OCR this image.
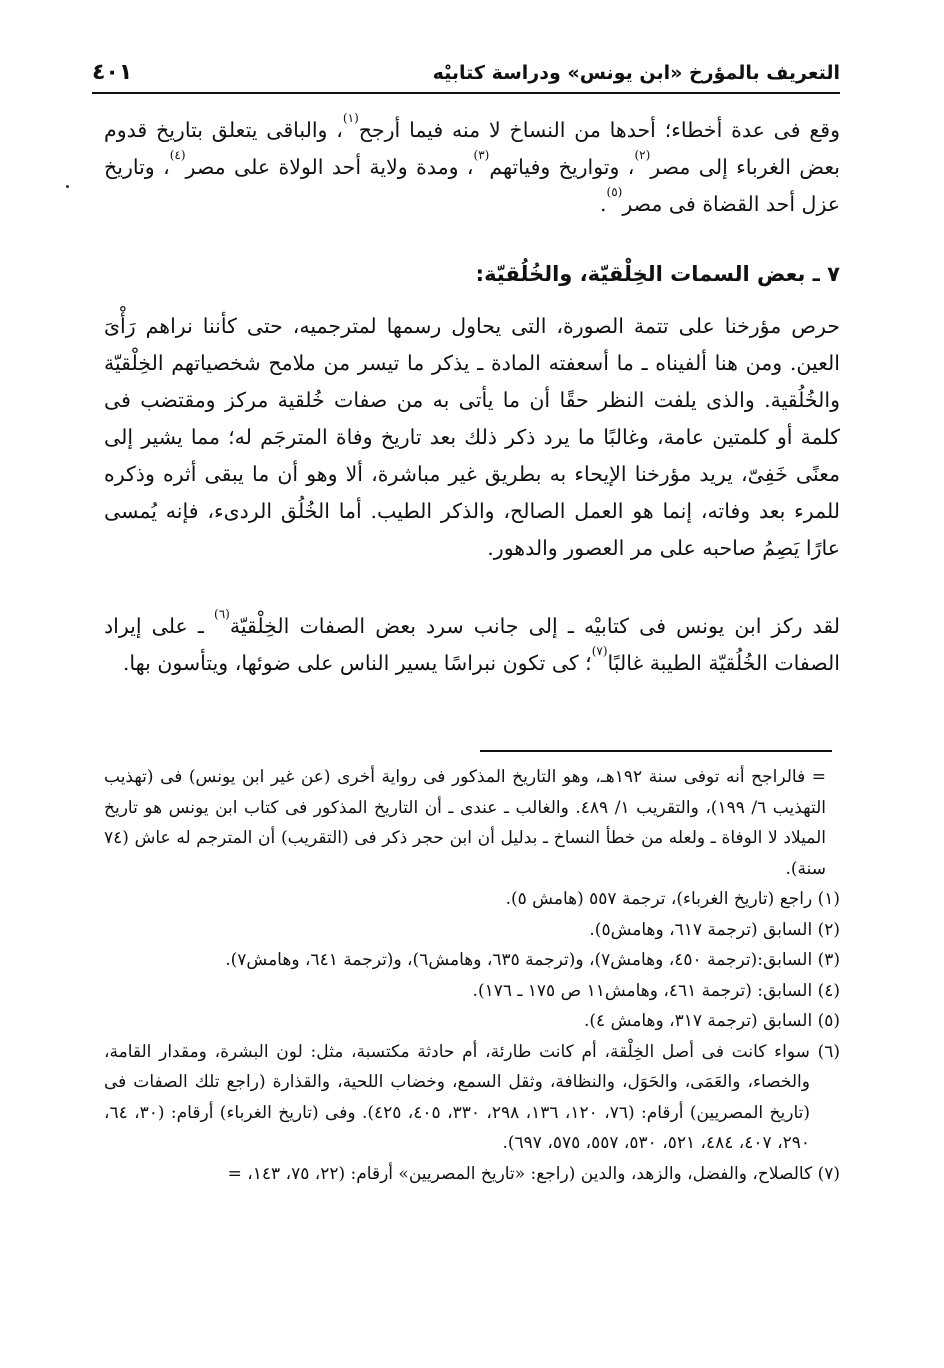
التعريف بالمؤرخ «ابن يونس» ودراسة كتابيْه
٤٠١

وقع فى عدة أخطاء؛ أحدها من النساخ لا منه فيما أرجح$^{(١)}$، والباقى يتعلق بتاريخ قدوم بعض الغرباء إلى مصر$^{(٢)}$، وتواريخ وفياتهم$^{(٣)}$، ومدة ولاية أحد الولاة على مصر$^{(٤)}$، وتاريخ عزل أحد القضاة فى مصر$^{(٥)}$.

٧ ـ بعض السمات الخِلْقيّة، والخُلُقيّة:

حرص مؤرخنا على تتمة الصورة، التى يحاول رسمها لمترجميه، حتى كأننا نراهم رَأْىَ العين. ومن هنا ألفيناه ـ ما أسعفته المادة ـ يذكر ما تيسر من ملامح شخصياتهم الخِلْقيّة والخُلُقية. والذى يلفت النظر حقًا أن ما يأتى به من صفات خُلقية مركز ومقتضب فى كلمة أو كلمتين عامة، وغالبًا ما يرد ذكر ذلك بعد تاريخ وفاة المترجَم له؛ مما يشير إلى معنًى خَفِىّ، يريد مؤرخنا الإيحاء به بطريق غير مباشرة، ألا وهو أن ما يبقى أثره وذكره للمرء بعد وفاته، إنما هو العمل الصالح، والذكر الطيب. أما الخُلُق الردىء، فإنه يُمسى عارًا يَصِمُ صاحبه على مر العصور والدهور.

لقد ركز ابن يونس فى كتابيْه ـ إلى جانب سرد بعض الصفات الخِلْقيّة$^{(٦)}$ ـ على إيراد الصفات الخُلُقيّة الطيبة غالبًا$^{(٧)}$؛ كى تكون نبراسًا يسير الناس على ضوئها، ويتأسون بها.

= فالراجح أنه توفى سنة ١٩٢هـ، وهو التاريخ المذكور فى رواية أخرى (عن غير ابن يونس) فى (تهذيب التهذيب ٦/ ١٩٩)، والتقريب ١/ ٤٨٩. والغالب ـ عندى ـ أن التاريخ المذكور فى كتاب ابن يونس هو تاريخ الميلاد لا الوفاة ـ ولعله من خطأ النساخ ـ بدليل أن ابن حجر ذكر فى (التقريب) أن المترجم له عاش (٧٤ سنة).

(١) راجع (تاريخ الغرباء)، ترجمة ٥٥٧ (هامش ٥).

(٢) السابق (ترجمة ٦١٧، وهامش٥).

(٣) السابق:(ترجمة ٤٥٠، وهامش٧)، و(ترجمة ٦٣٥، وهامش٦)، و(ترجمة ٦٤١، وهامش٧).

(٤) السابق: (ترجمة ٤٦١، وهامش١١ ص ١٧٥ ـ ١٧٦).

(٥) السابق (ترجمة ٣١٧، وهامش ٤).

(٦) سواء كانت فى أصل الخِلْقة، أم كانت طارئة، أم حادثة مكتسبة، مثل: لون البشرة، ومقدار القامة، والخصاء، والعَمَى، والحَوَل، والنظافة، وثقل السمع، وخضاب اللحية، والقذارة (راجع تلك الصفات فى (تاريخ المصريين) أرقام: (٧٦، ١٢٠، ١٣٦، ٢٩٨، ٣٣٠، ٤٠٥، ٤٢٥). وفى (تاريخ الغرباء) أرقام: (٣٠، ٦٤، ٢٩٠، ٤٠٧، ٤٨٤، ٥٢١، ٥٣٠، ٥٥٧، ٥٧٥، ٦٩٧).

(٧) كالصلاح، والفضل، والزهد، والدين (راجع: «تاريخ المصريين» أرقام: (٢٢، ٧٥، ١٤٣، =
